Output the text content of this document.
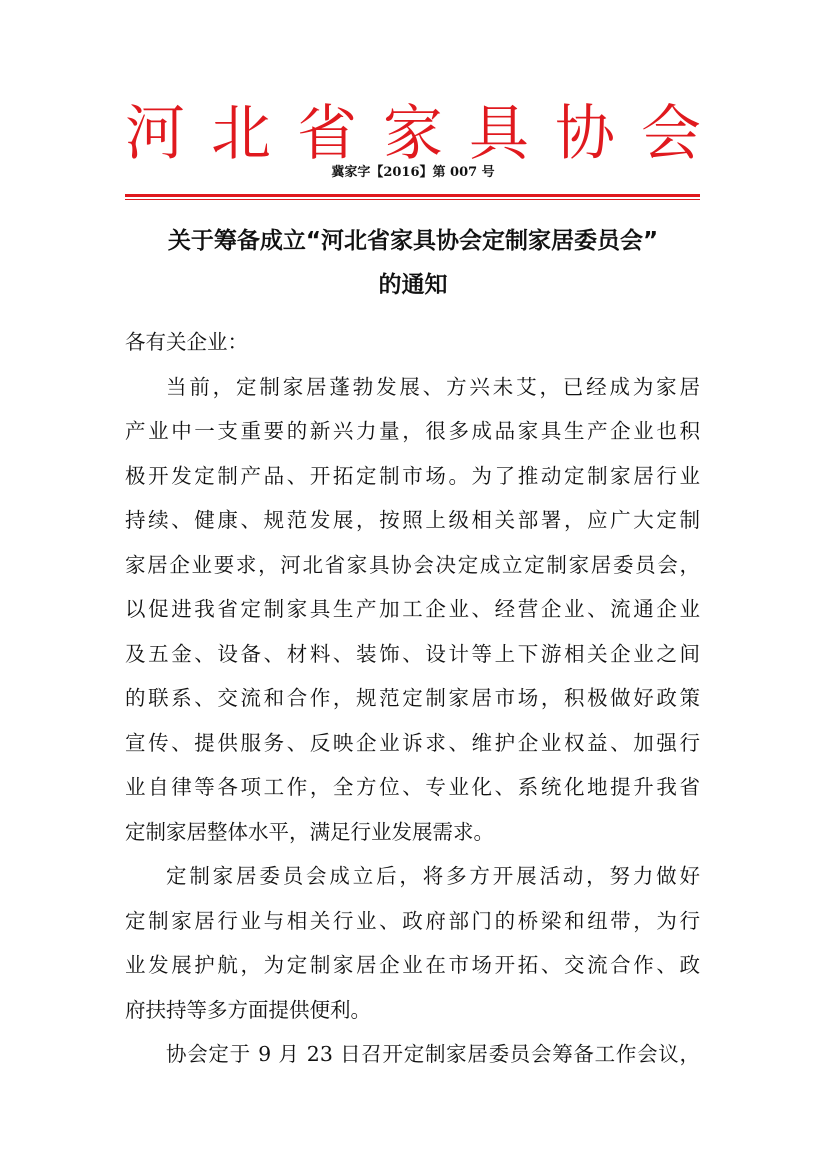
河北省家具协会
冀家字【2016】第 007 号
关于筹备成立“河北省家具协会定制家居委员会”
的通知
各有关企业：
当前，定制家居蓬勃发展、方兴未艾，已经成为家居
产业中一支重要的新兴力量，很多成品家具生产企业也积
极开发定制产品、开拓定制市场。为了推动定制家居行业
持续、健康、规范发展，按照上级相关部署，应广大定制
家居企业要求，河北省家具协会决定成立定制家居委员会，
以促进我省定制家具生产加工企业、经营企业、流通企业
及五金、设备、材料、装饰、设计等上下游相关企业之间
的联系、交流和合作，规范定制家居市场，积极做好政策
宣传、提供服务、反映企业诉求、维护企业权益、加强行
业自律等各项工作，全方位、专业化、系统化地提升我省
定制家居整体水平，满足行业发展需求。
定制家居委员会成立后，将多方开展活动，努力做好
定制家居行业与相关行业、政府部门的桥梁和纽带，为行
业发展护航，为定制家居企业在市场开拓、交流合作、政
府扶持等多方面提供便利。
协会定于 9 月 23 日召开定制家居委员会筹备工作会议，
